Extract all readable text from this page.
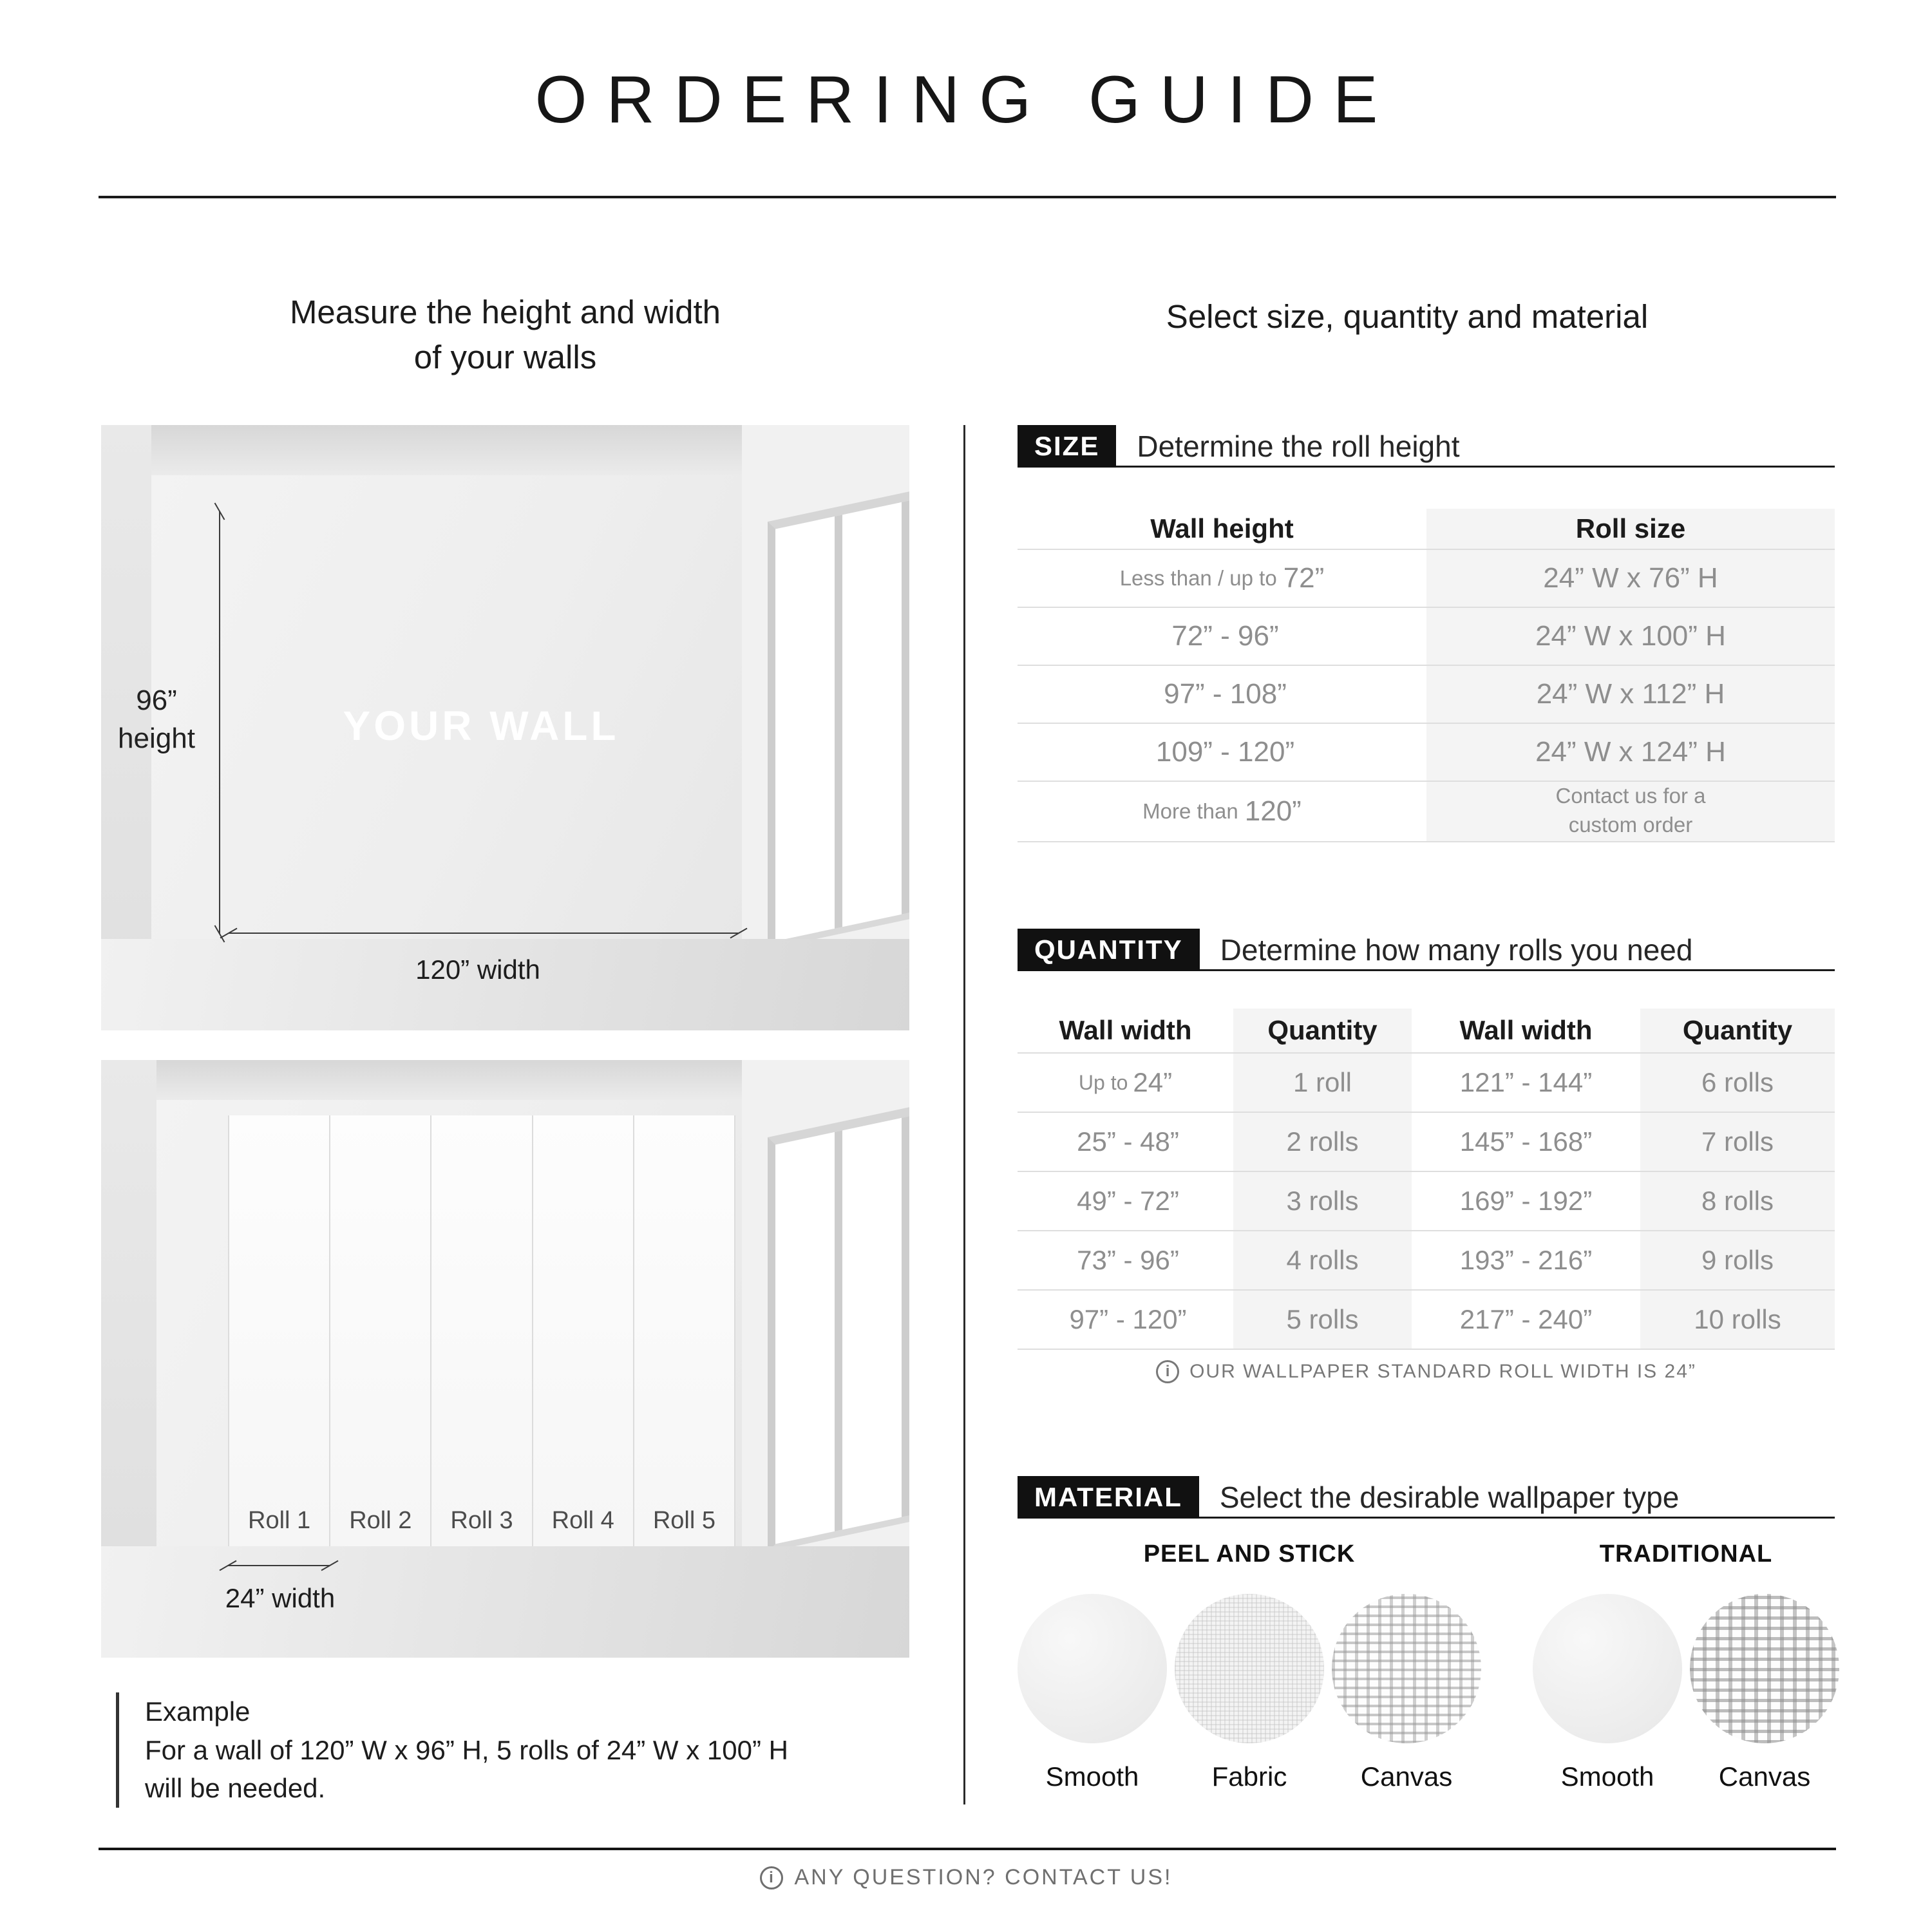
ORDERING GUIDE
Measure the height and width
of your walls
Select size, quantity and material
96”
height	YOUR WALL
120” width
Roll 1 Roll 2 Roll 3 Roll 4 Roll 5
24” width
Example
For a wall of 120” W x 96” H, 5 rolls of 24” W x 100” H
will be needed.
SIZE	Determine the roll height
Wall height	Roll size
Less than / up to 72”	24” W x 76” H
72” - 96”	24” W x 100” H
97” - 108”	24” W x 112” H
109” - 120”	24” W x 124” H
More than 120”	Contact us for a custom order
QUANTITY	Determine how many rolls you need
Wall width	Quantity	Wall width	Quantity
Up to 24”	1 roll	121” - 144”	6 rolls
25” - 48”	2 rolls	145” - 168”	7 rolls
49” - 72”	3 rolls	169” - 192”	8 rolls
73” - 96”	4 rolls	193” - 216”	9 rolls
97” - 120”	5 rolls	217” - 240”	10 rolls
i	OUR WALLPAPER STANDARD ROLL WIDTH IS 24”
MATERIAL	Select the desirable wallpaper type
PEEL AND STICK
Smooth	Fabric	Canvas
TRADITIONAL
Smooth Canvas
i ANY QUESTION? CONTACT US!
